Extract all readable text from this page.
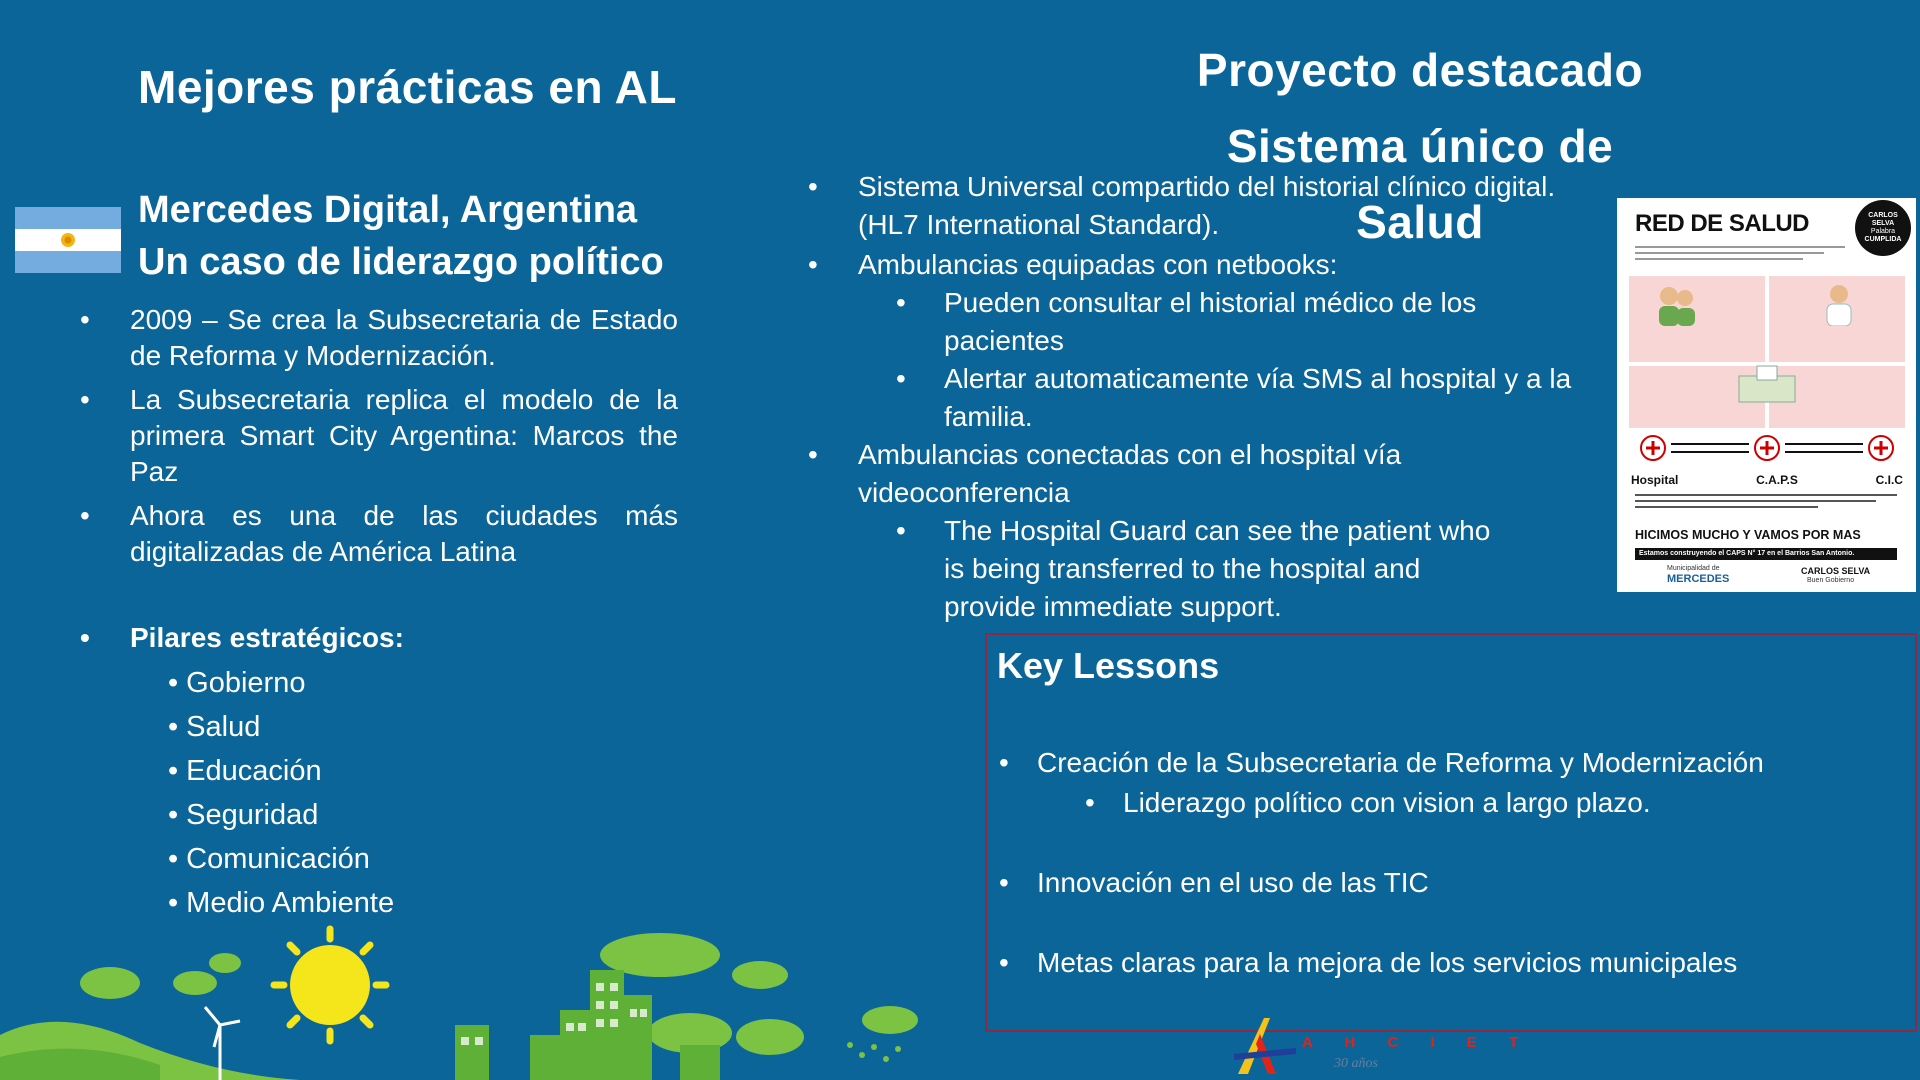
Mejores prácticas en AL
Mercedes Digital, Argentina
Un caso de liderazgo político
• 2009 – Se crea la Subsecretaria de Estado de Reforma y Modernización.
• La Subsecretaria replica el modelo de la primera Smart City Argentina: Marcos the Paz
• Ahora es una de las ciudades más digitalizadas de América Latina
• Pilares estratégicos:
• Gobierno
• Salud
• Educación
• Seguridad
• Comunicación
• Medio Ambiente
Proyecto destacado
Sistema único de Salud
• Sistema Universal compartido del historial clínico digital. (HL7 International Standard).
• Ambulancias equipadas con netbooks:
• Pueden consultar el historial médico de los pacientes
• Alertar automaticamente vía SMS al hospital y a la familia.
• Ambulancias conectadas con el hospital vía videoconferencia
• The Hospital Guard can see the patient who is being transferred to the hospital and provide immediate support.
RED DE SALUD	CARLOS
SELVA
Palabra
CUMPLIDA
Hospital	C.A.P.S	C.I.C
HICIMOS MUCHO Y VAMOS POR MAS
Estamos construyendo el CAPS N° 17 en el Barrios San Antonio.
Municipalidad de
MERCEDES
CARLOS SELVA
Buen Gobierno
Key Lessons
• Creación de la Subsecretaria de Reforma y Modernización
• Liderazgo político con vision a largo plazo.
• Innovación en el uso de las TIC
• Metas claras para la mejora de los servicios municipales
A H C I E T
30 años
